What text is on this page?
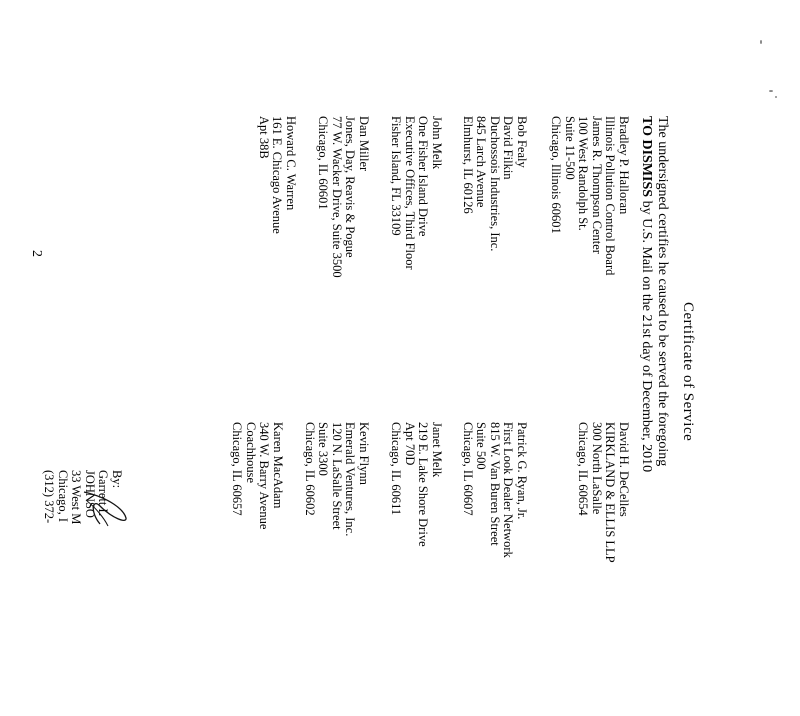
Certificate of Service
The undersigned certifies he caused to be served the foregoing
TO DISMISS by U.S. Mail on the 21st day of December, 2010
Bradley P. Halloran
Illinois Pollution Control Board
James R. Thompson Center
100 West Randolph St.
Suite 11-500
Chicago, Illinois 60601
Bob Fealy
David Filkin
Duchossois Industries, Inc.
845 Larch Avenue
Elmhurst, IL 60126
John Melk
One Fisher Island Drive
Executive Offices, Third Floor
Fisher Island, FL 33109
Dan Miller
Jones, Day, Reavis & Pogue
77 W. Wacker Drive, Suite 3500
Chicago, IL 60601
Howard C. Warren
161 E. Chicago Avenue
Apt 38B
David H. DeCelles
KIRKLAND & ELLIS LLP
300 North LaSalle
Chicago, IL 60654
Patrick G. Ryan, Jr.
First Look Dealer Network
815 W. Van Buren Street
Suite 500
Chicago, IL 60607
Janet Melk
219 E. Lake Shore Drive
Apt 70D
Chicago, IL 60611
Kevin Flynn
Emerald Ventures, Inc.
120 N. LaSalle Street
Suite 3300
Chicago, IL 60602
Karen MacAdam
340 W. Barry Avenue
Coachhouse
Chicago, IL 60657
By:
Garrett L
JOHNSO
33 West M
Chicago, I
(312) 372-
2
